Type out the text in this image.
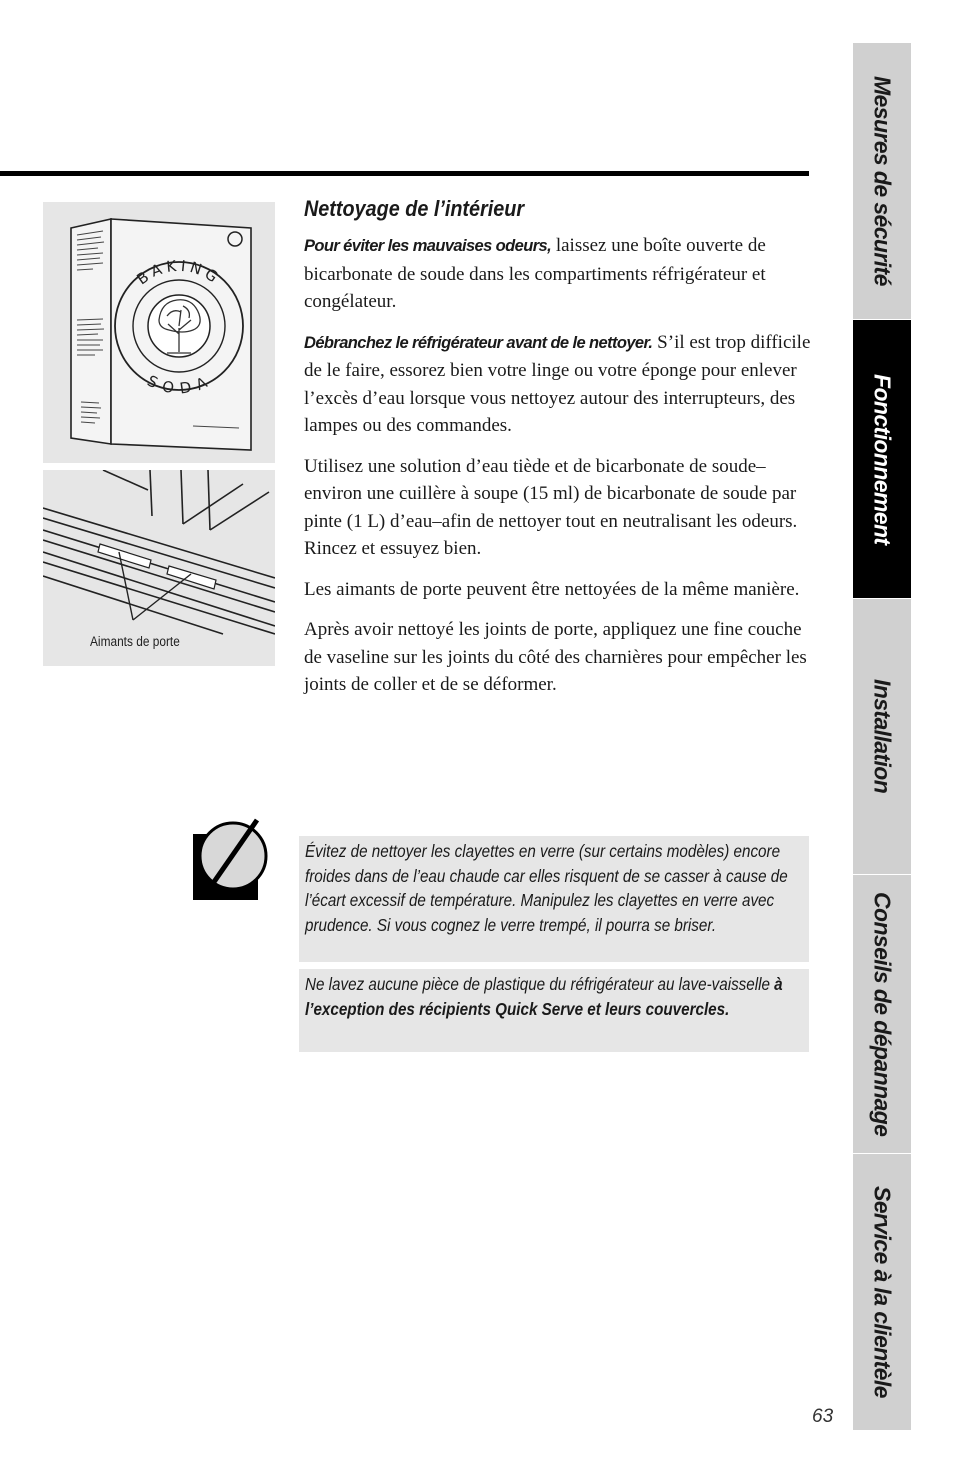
BAKING
SODA
Aimants de porte
Nettoyage de l’intérieur

Pour éviter les mauvaises odeurs, laissez une boîte ouverte de bicarbonate de soude dans les compartiments réfrigérateur et congélateur.

Débranchez le réfrigérateur avant de le nettoyer. S’il est trop difficile de le faire, essorez bien votre linge ou votre éponge pour enlever l’excès d’eau lorsque vous nettoyez autour des interrupteurs, des lampes ou des commandes.

Utilisez une solution d’eau tiède et de bicarbonate de soude–environ une cuillère à soupe (15 ml) de bicarbonate de soude par pinte (1 L) d’eau–afin de nettoyer tout en neutralisant les odeurs. Rincez et essuyez bien.

Les aimants de porte peuvent être nettoyées de la même manière.

Après avoir nettoyé les joints de porte, appliquez une fine couche de vaseline sur les joints du côté des charnières pour empêcher les joints de coller et de se déformer.

Évitez de nettoyer les clayettes en verre (sur certains modèles) encore froides dans de l’eau chaude car elles risquent de se casser à cause de l’écart excessif de température. Manipulez les clayettes en verre avec prudence. Si vous cognez le verre trempé, il pourra se briser.
Ne lavez aucune pièce de plastique du réfrigérateur au lave-vaisselle à l’exception des récipients Quick Serve et leurs couvercles.
63
Mesures de sécurité
Fonctionnement
Installation
Conseils de dépannage
Service à la clientèle
